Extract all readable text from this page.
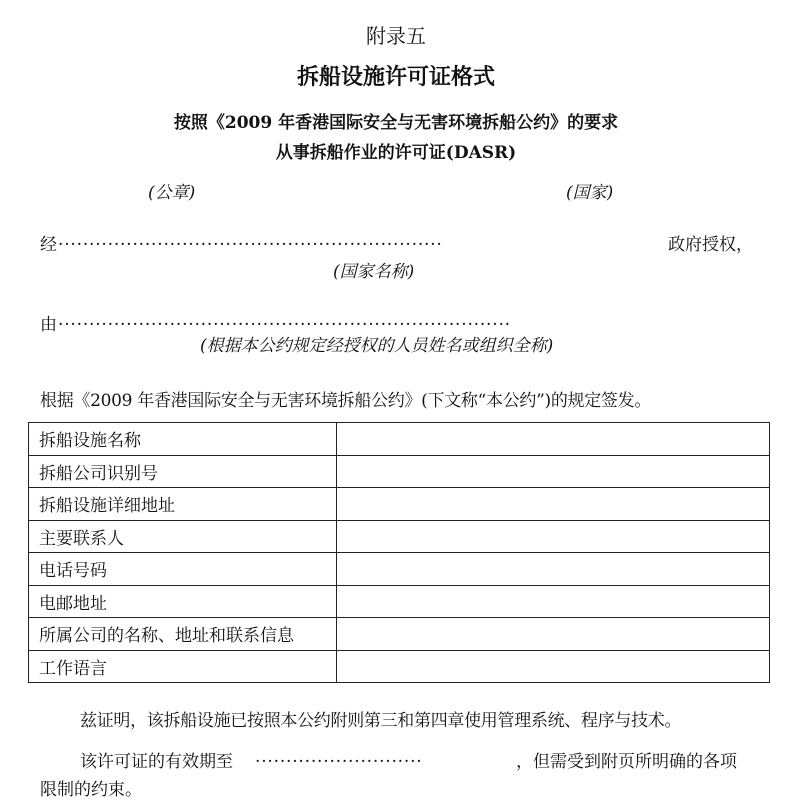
附录五
拆船设施许可证格式
按照《2009 年香港国际安全与无害环境拆船公约》的要求
从事拆船作业的许可证(DASR)
(公章)	(国家)
经 ..............................................................	政府授权，
(国家名称)
由 .........................................................................
(根据本公约规定经授权的人员姓名或组织全称)
根据《2009 年香港国际安全与无害环境拆船公约》(下文称“本公约”)的规定签发。
拆船设施名称	
拆船公司识别号	
拆船设施详细地址	
主要联系人	
电话号码	
电邮地址	
所属公司的名称、地址和联系信息	
工作语言	
兹证明，该拆船设施已按照本公约附则第三和第四章使用管理系统、程序与技术。
该许可证的有效期至 ...........................	，但需受到附页所明确的各项
限制的约束。
